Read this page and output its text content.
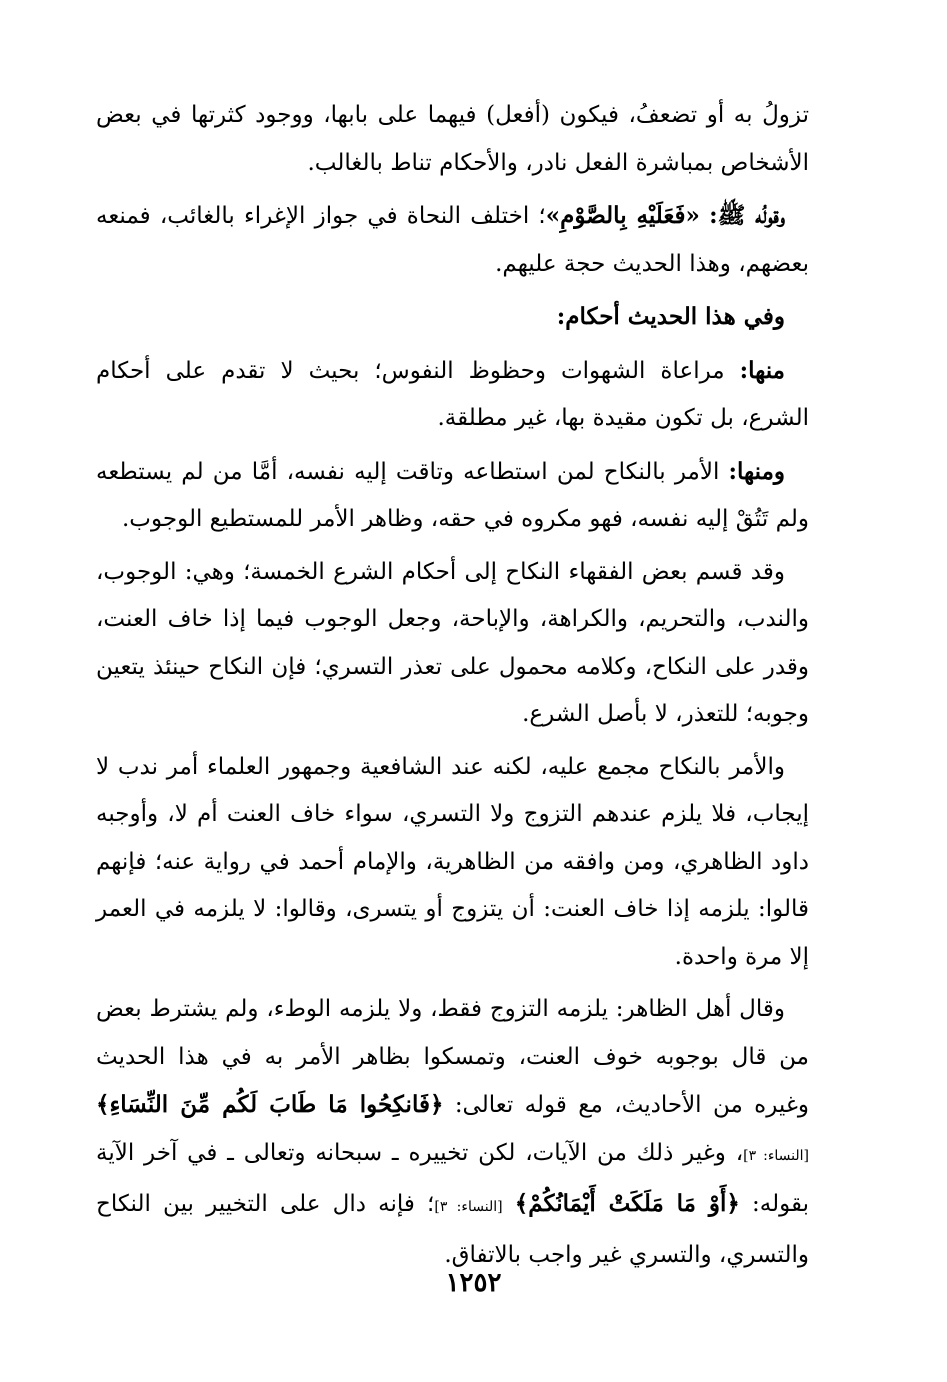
تزولُ به أو تضعفُ، فيكون (أفعل) فيهما على بابها، ووجود كثرتها في بعض الأشخاص بمباشرة الفعل نادر، والأحكام تناط بالغالب.

وقولُه ﷺ: «فَعَلَيْهِ بِالصَّوْمِ»؛ اختلف النحاة في جواز الإغراء بالغائب، فمنعه بعضهم، وهذا الحديث حجة عليهم.

وفي هذا الحديث أحكام:

منها: مراعاة الشهوات وحظوظ النفوس؛ بحيث لا تقدم على أحكام الشرع، بل تكون مقيدة بها، غير مطلقة.

ومنها: الأمر بالنكاح لمن استطاعه وتاقت إليه نفسه، أمَّا من لم يستطعه ولم تَتُقْ إليه نفسه، فهو مكروه في حقه، وظاهر الأمر للمستطيع الوجوب.

وقد قسم بعض الفقهاء النكاح إلى أحكام الشرع الخمسة؛ وهي: الوجوب، والندب، والتحريم، والكراهة، والإباحة، وجعل الوجوب فيما إذا خاف العنت، وقدر على النكاح، وكلامه محمول على تعذر التسري؛ فإن النكاح حينئذ يتعين وجوبه؛ للتعذر، لا بأصل الشرع.

والأمر بالنكاح مجمع عليه، لكنه عند الشافعية وجمهور العلماء أمر ندب لا إيجاب، فلا يلزم عندهم التزوج ولا التسري، سواء خاف العنت أم لا، وأوجبه داود الظاهري، ومن وافقه من الظاهرية، والإمام أحمد في رواية عنه؛ فإنهم قالوا: يلزمه إذا خاف العنت: أن يتزوج أو يتسرى، وقالوا: لا يلزمه في العمر إلا مرة واحدة.

وقال أهل الظاهر: يلزمه التزوج فقط، ولا يلزمه الوطء، ولم يشترط بعض من قال بوجوبه خوف العنت، وتمسكوا بظاهر الأمر به في هذا الحديث وغيره من الأحاديث، مع قوله تعالى: ﴿فَانكِحُوا مَا طَابَ لَكُم مِّنَ النِّسَاءِ﴾ [النساء: ٣]، وغير ذلك من الآيات، لكن تخييره ـ سبحانه وتعالى ـ في آخر الآية بقوله: ﴿أَوْ مَا مَلَكَتْ أَيْمَانُكُمْ﴾ [النساء: ٣]؛ فإنه دال على التخيير بين النكاح والتسري، والتسري غير واجب بالاتفاق.

١٢٥٢
